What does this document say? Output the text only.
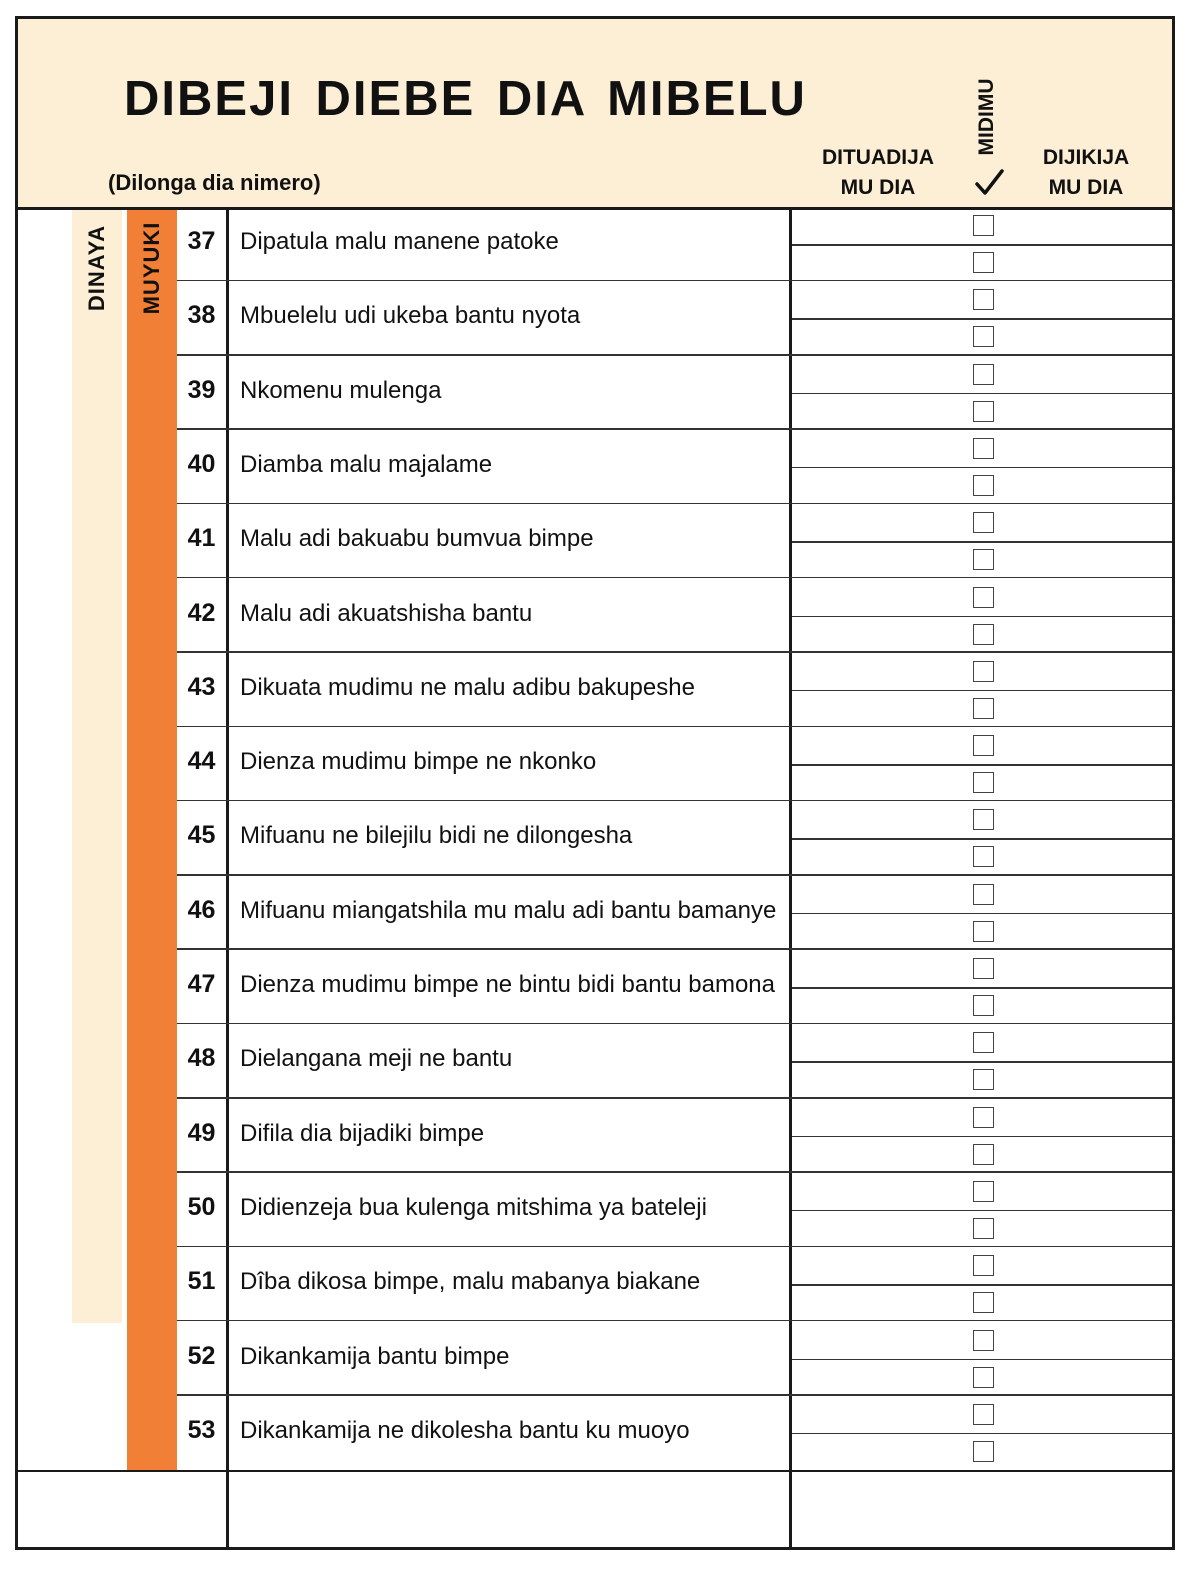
DIBEJI DIEBE DIA MIBELU
(Dilonga dia nimero)
DITUADIJA
MU DIA
MIDIMU
DIJIKIJA
MU DIA
DINAYA MUYUKI 37	Dipatula malu manene patoke
38	Mbuelelu udi ukeba bantu nyota
39	Nkomenu mulenga
40	Diamba malu majalame
41	Malu adi bakuabu bumvua bimpe
42	Malu adi akuatshisha bantu
43	Dikuata mudimu ne malu adibu bakupeshe
44	Dienza mudimu bimpe ne nkonko
45	Mifuanu ne bilejilu bidi ne dilongesha
46	Mifuanu miangatshila mu malu adi bantu bamanye
47	Dienza mudimu bimpe ne bintu bidi bantu bamona
48	Dielangana meji ne bantu
49	Difila dia bijadiki bimpe
50	Didienzeja bua kulenga mitshima ya bateleji
51	Dîba dikosa bimpe, malu mabanya biakane
52	Dikankamija bantu bimpe
53	Dikankamija ne dikolesha bantu ku muoyo
